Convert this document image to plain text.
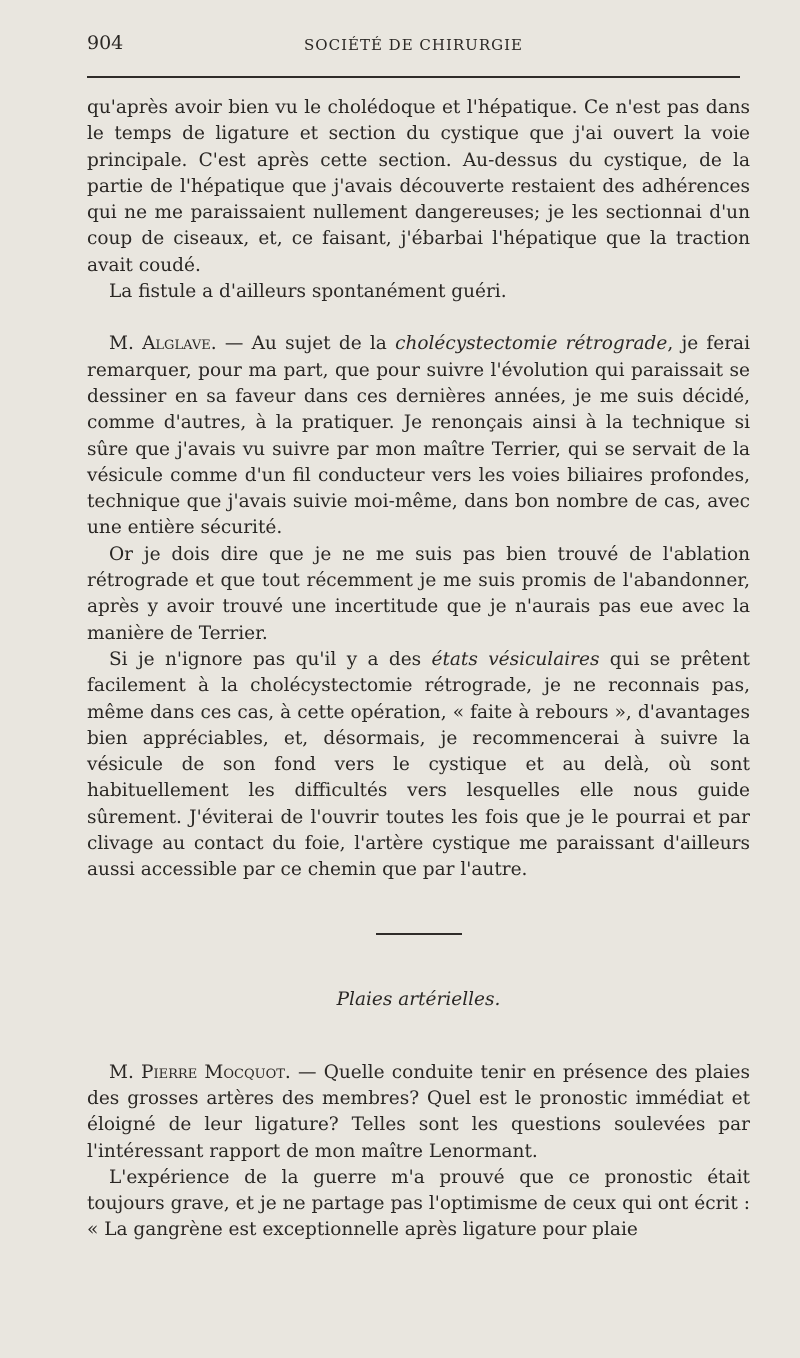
904	SOCIÉTÉ DE CHIRURGIE

qu'après avoir bien vu le cholédoque et l'hépatique. Ce n'est pas dans le temps de ligature et section du cystique que j'ai ouvert la voie principale. C'est après cette section. Au-dessus du cystique, de la partie de l'hépatique que j'avais découverte restaient des adhérences qui ne me paraissaient nullement dangereuses; je les sectionnai d'un coup de ciseaux, et, ce faisant, j'ébarbai l'hépatique que la traction avait coudé.

La fistule a d'ailleurs spontanément guéri.

M. Alglave. — Au sujet de la cholécystectomie rétrograde, je ferai remarquer, pour ma part, que pour suivre l'évolution qui paraissait se dessiner en sa faveur dans ces dernières années, je me suis décidé, comme d'autres, à la pratiquer. Je renonçais ainsi à la technique si sûre que j'avais vu suivre par mon maître Terrier, qui se servait de la vésicule comme d'un fil conducteur vers les voies biliaires profondes, technique que j'avais suivie moi-même, dans bon nombre de cas, avec une entière sécurité.

Or je dois dire que je ne me suis pas bien trouvé de l'ablation rétrograde et que tout récemment je me suis promis de l'abandonner, après y avoir trouvé une incertitude que je n'aurais pas eue avec la manière de Terrier.

Si je n'ignore pas qu'il y a des états vésiculaires qui se prêtent facilement à la cholécystectomie rétrograde, je ne reconnais pas, même dans ces cas, à cette opération, « faite à rebours », d'avantages bien appréciables, et, désormais, je recommencerai à suivre la vésicule de son fond vers le cystique et au delà, où sont habituellement les difficultés vers lesquelles elle nous guide sûrement. J'éviterai de l'ouvrir toutes les fois que je le pourrai et par clivage au contact du foie, l'artère cystique me paraissant d'ailleurs aussi accessible par ce chemin que par l'autre.

Plaies artérielles.

M. Pierre Mocquot. — Quelle conduite tenir en présence des plaies des grosses artères des membres? Quel est le pronostic immédiat et éloigné de leur ligature? Telles sont les questions soulevées par l'intéressant rapport de mon maître Lenormant.

L'expérience de la guerre m'a prouvé que ce pronostic était toujours grave, et je ne partage pas l'optimisme de ceux qui ont écrit : « La gangrène est exceptionnelle après ligature pour plaie
